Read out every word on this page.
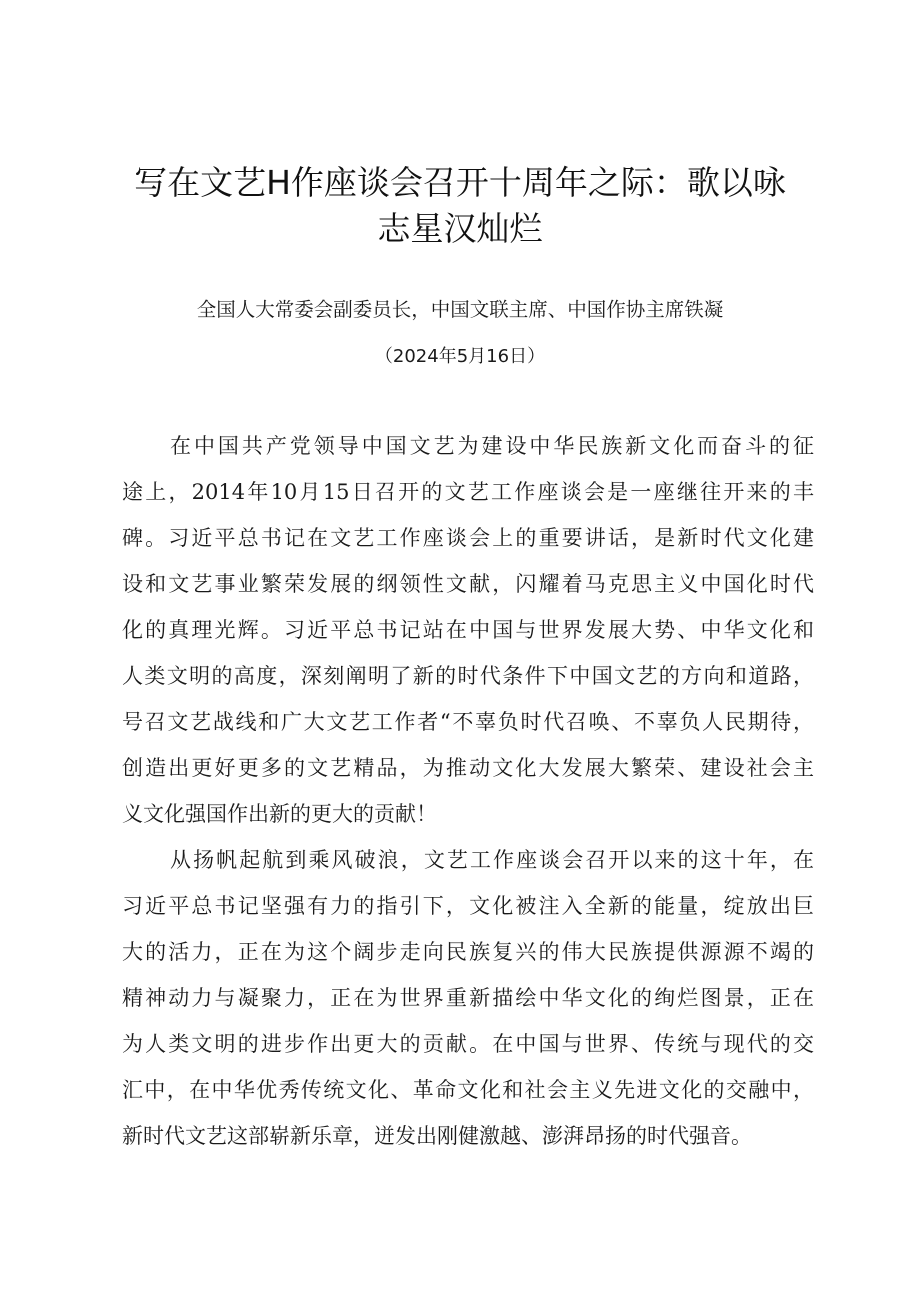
写在文艺H作座谈会召开十周年之际：歌以咏
志星汉灿烂
全国人大常委会副委员长，中国文联主席、中国作协主席铁凝
（2024年5月16日）
在中国共产党领导中国文艺为建设中华民族新文化而奋斗的征
途上，2014年10月15日召开的文艺工作座谈会是一座继往开来的丰
碑。习近平总书记在文艺工作座谈会上的重要讲话，是新时代文化建
设和文艺事业繁荣发展的纲领性文献，闪耀着马克思主义中国化时代
化的真理光辉。习近平总书记站在中国与世界发展大势、中华文化和
人类文明的高度，深刻阐明了新的时代条件下中国文艺的方向和道路，
号召文艺战线和广大文艺工作者“不辜负时代召唤、不辜负人民期待，
创造出更好更多的文艺精品，为推动文化大发展大繁荣、建设社会主
义文化强国作出新的更大的贡献！
从扬帆起航到乘风破浪，文艺工作座谈会召开以来的这十年，在
习近平总书记坚强有力的指引下，文化被注入全新的能量，绽放出巨
大的活力，正在为这个阔步走向民族复兴的伟大民族提供源源不竭的
精神动力与凝聚力，正在为世界重新描绘中华文化的绚烂图景，正在
为人类文明的进步作出更大的贡献。在中国与世界、传统与现代的交
汇中，在中华优秀传统文化、革命文化和社会主义先进文化的交融中，
新时代文艺这部崭新乐章，迸发出刚健激越、澎湃昂扬的时代强音。
